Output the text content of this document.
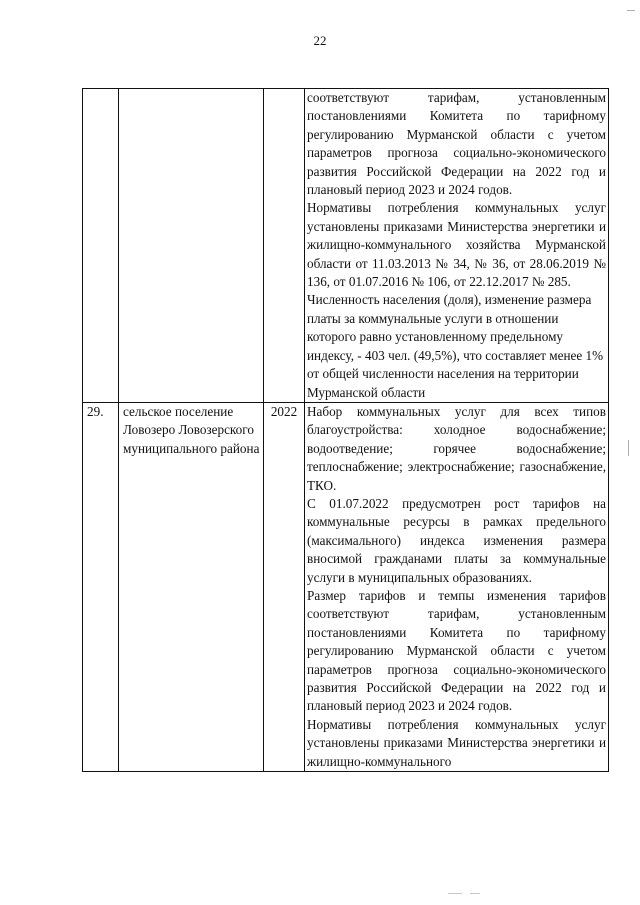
22

			соответствуют тарифам, установленным постановлениями Комитета по тарифному регулированию Мурманской области с учетом параметров прогноза социально-экономического развития Российской Федерации на 2022 год и плановый период 2023 и 2024 годов.

Нормативы потребления коммунальных услуг установлены приказами Министерства энергетики и жилищно-коммунального хозяйства Мурманской области от 11.03.2013 № 34, № 36, от 28.06.2019 № 136, от 01.07.2016 № 106, от 22.12.2017 № 285.

Численность населения (доля), изменение размера платы за коммунальные услуги в отношении которого равно установленному предельному индексу, - 403 чел. (49,5%), что составляет менее 1% от общей численности населения на территории Мурманской области

29.	сельское поселение Ловозеро Ловозерского муниципального района	2022	Набор коммунальных услуг для всех типов благоустройства: холодное водоснабжение; водоотведение; горячее водоснабжение; теплоснабжение; электроснабжение; газоснабжение, ТКО.

С 01.07.2022 предусмотрен рост тарифов на коммунальные ресурсы в рамках предельного (максимального) индекса изменения размера вносимой гражданами платы за коммунальные услуги в муниципальных образованиях.

Размер тарифов и темпы изменения тарифов соответствуют тарифам, установленным постановлениями Комитета по тарифному регулированию Мурманской области с учетом параметров прогноза социально-экономического развития Российской Федерации на 2022 год и плановый период 2023 и 2024 годов.

Нормативы потребления коммунальных услуг установлены приказами Министерства энергетики и жилищно-коммунального
